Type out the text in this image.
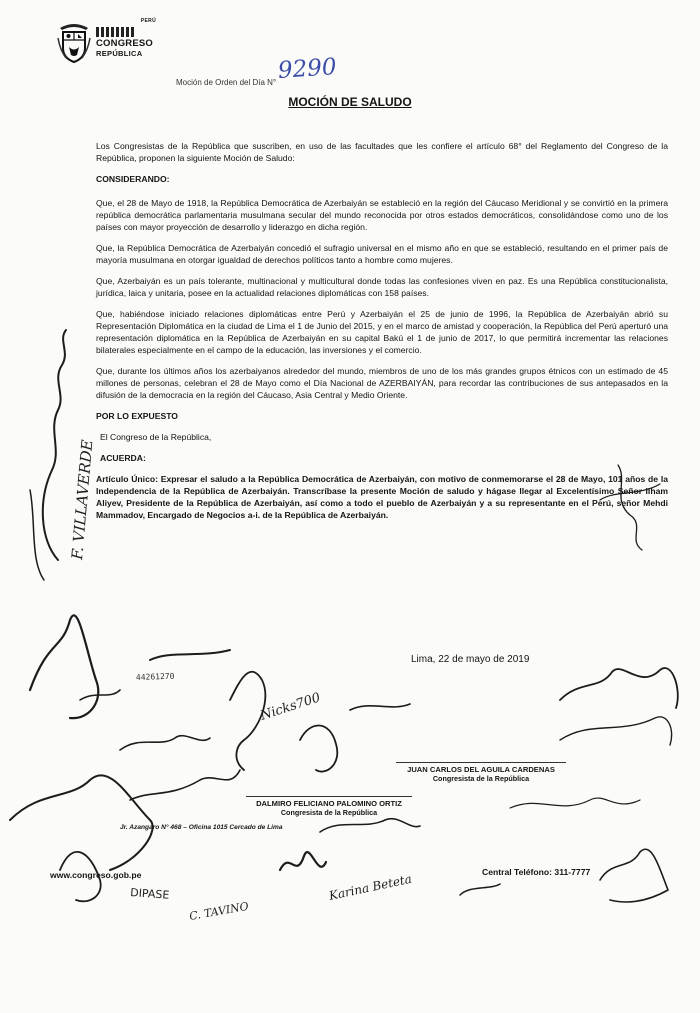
PERÚ
CONGRESO
REPÚBLICA
Moción de Orden del Día N° 9290
MOCIÓN DE SALUDO

Los Congresistas de la República que suscriben, en uso de las facultades que les confiere el artículo 68° del Reglamento del Congreso de la República, proponen la siguiente Moción de Saludo:

CONSIDERANDO:

Que, el 28 de Mayo de 1918, la República Democrática de Azerbaiyán se estableció en la región del Cáucaso Meridional y se convirtió en la primera república democrática parlamentaria musulmana secular del mundo reconocida por otros estados democráticos, consolidándose como uno de los países con mayor proyección de desarrollo y liderazgo en dicha región.

Que, la República Democrática de Azerbaiyán concedió el sufragio universal en el mismo año en que se estableció, resultando en el primer país de mayoría musulmana en otorgar igualdad de derechos políticos tanto a hombre como mujeres.

Que, Azerbaiyán es un país tolerante, multinacional y multicultural donde todas las confesiones viven en paz. Es una República constitucionalista, jurídica, laica y unitaria, posee en la actualidad relaciones diplomáticas con 158 países.

Que, habiéndose iniciado relaciones diplomáticas entre Perú y Azerbaiyán el 25 de junio de 1996, la República de Azerbaiyán abrió su Representación Diplomática en la ciudad de Lima el 1 de Junio del 2015, y en el marco de amistad y cooperación, la República del Perú aperturó una representación diplomática en la República de Azerbaiyán en su capital Bakú el 1 de junio de 2017, lo que permitirá incrementar las relaciones bilaterales especialmente en el campo de la educación, las inversiones y el comercio.

Que, durante los últimos años los azerbaiyanos alrededor del mundo, miembros de uno de los más grandes grupos étnicos con un estimado de 45 millones de personas, celebran el 28 de Mayo como el Día Nacional de AZERBAIYÁN, para recordar las contribuciones de sus antepasados en la difusión de la democracia en la región del Cáucaso, Asia Central y Medio Oriente.

POR LO EXPUESTO

El Congreso de la República,

ACUERDA:

Artículo Único: Expresar el saludo a la República Democrática de Azerbaiyán, con motivo de conmemorarse el 28 de Mayo, 101 años de la Independencia de la República de Azerbaiyán. Transcríbase la presente Moción de saludo y hágase llegar al Excelentísimo Señor Ilham Aliyev, Presidente de la República de Azerbaiyán, así como a todo el pueblo de Azerbaiyán y a su representante en el Perú, señor Mehdi Mammadov, Encargado de Negocios a-i. de la República de Azerbaiyán.

Lima, 22 de mayo de 2019
JUAN CARLOS DEL AGUILA CARDENAS
Congresista de la República
DALMIRO FELICIANO PALOMINO ORTIZ
Congresista de la República
Jr. Azangaro N° 468 – Oficina 1015 Cercado de Lima
www.congreso.gob.pe	Central Teléfono: 311-7777
F. VILLAVERDE
44261270
Nicks700
DIPASE
C. TAVINO
Karina Beteta
